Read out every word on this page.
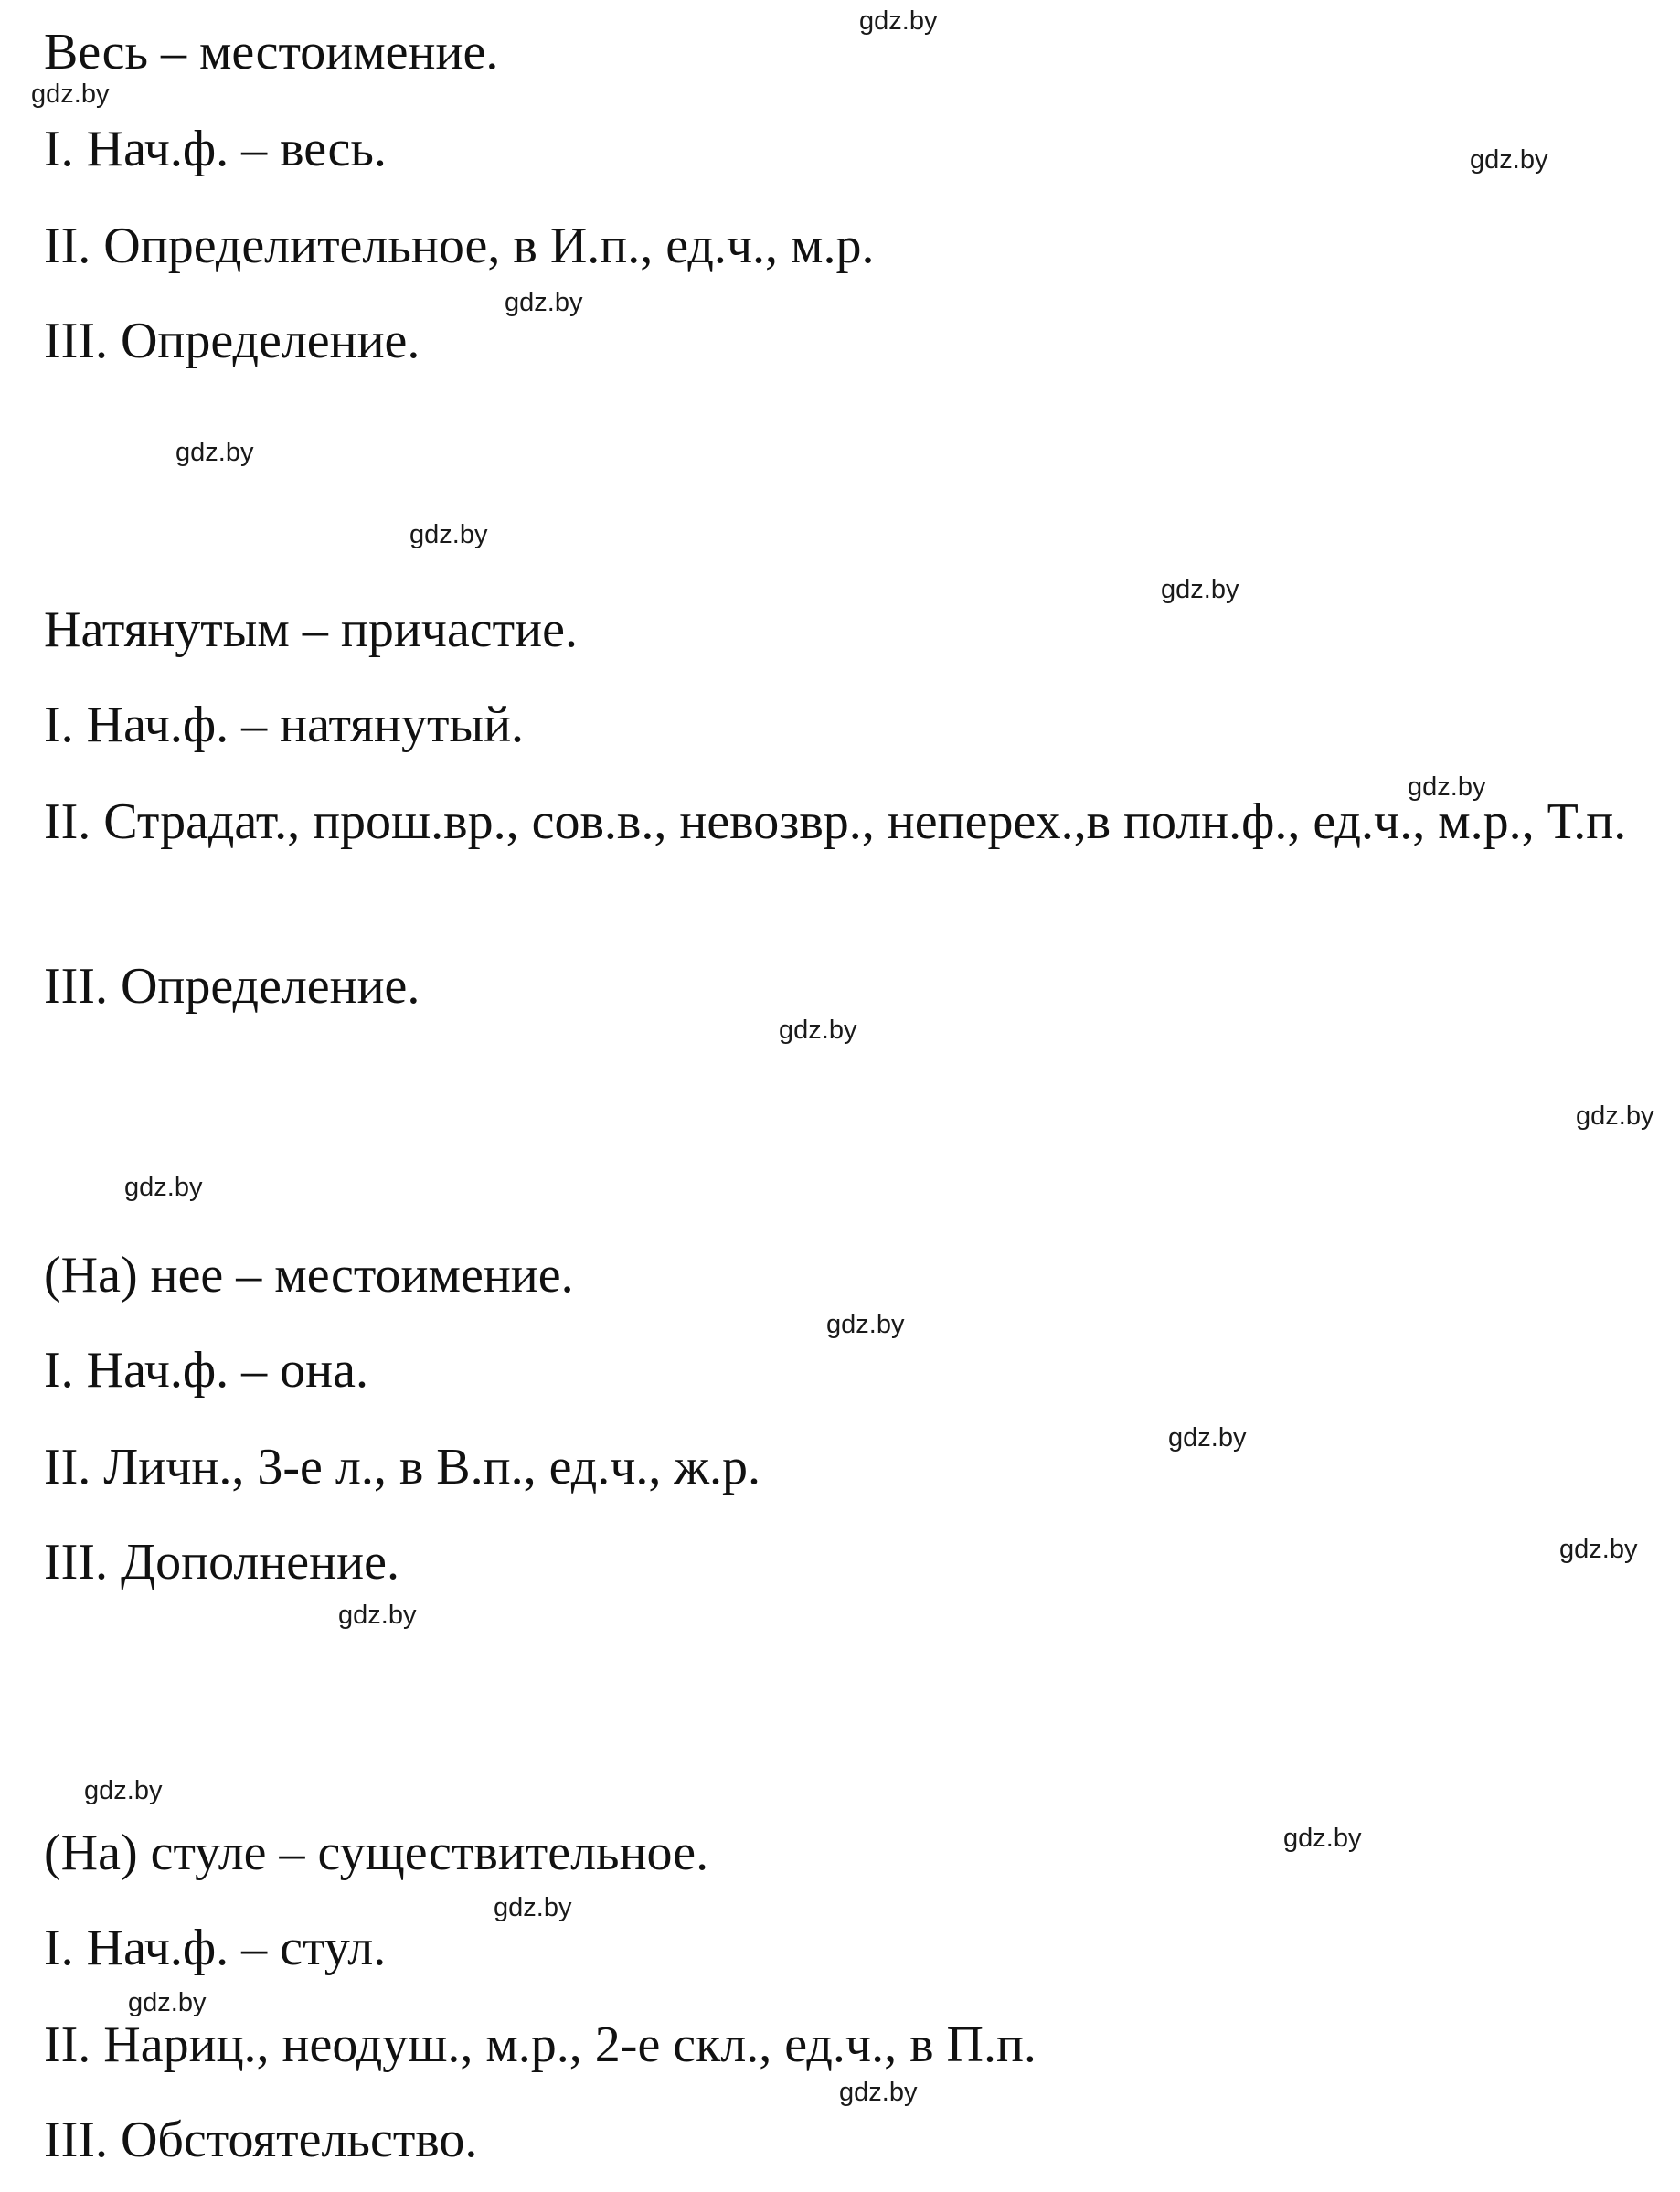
Весь – местоимение.
I. Нач.ф. – весь.
II. Определительное, в И.п., ед.ч., м.р.
III. Определение.
Натянутым – причастие.
I. Нач.ф. – натянутый.
II. Страдат., прош.вр., сов.в., невозвр., неперех.,в полн.ф., ед.ч., м.р., Т.п.
III. Определение.
(На) нее – местоимение.
I. Нач.ф. – она.
II. Личн., 3-е л., в В.п., ед.ч., ж.р.
III. Дополнение.
(На) стуле – существительное.
I. Нач.ф. – стул.
II. Нариц., неодуш., м.р., 2-е скл., ед.ч., в П.п.
III. Обстоятельство.
gdz.by
gdz.by
gdz.by
gdz.by
gdz.by
gdz.by
gdz.by
gdz.by
gdz.by
gdz.by
gdz.by
gdz.by
gdz.by
gdz.by
gdz.by
gdz.by
gdz.by
gdz.by
gdz.by
gdz.by
